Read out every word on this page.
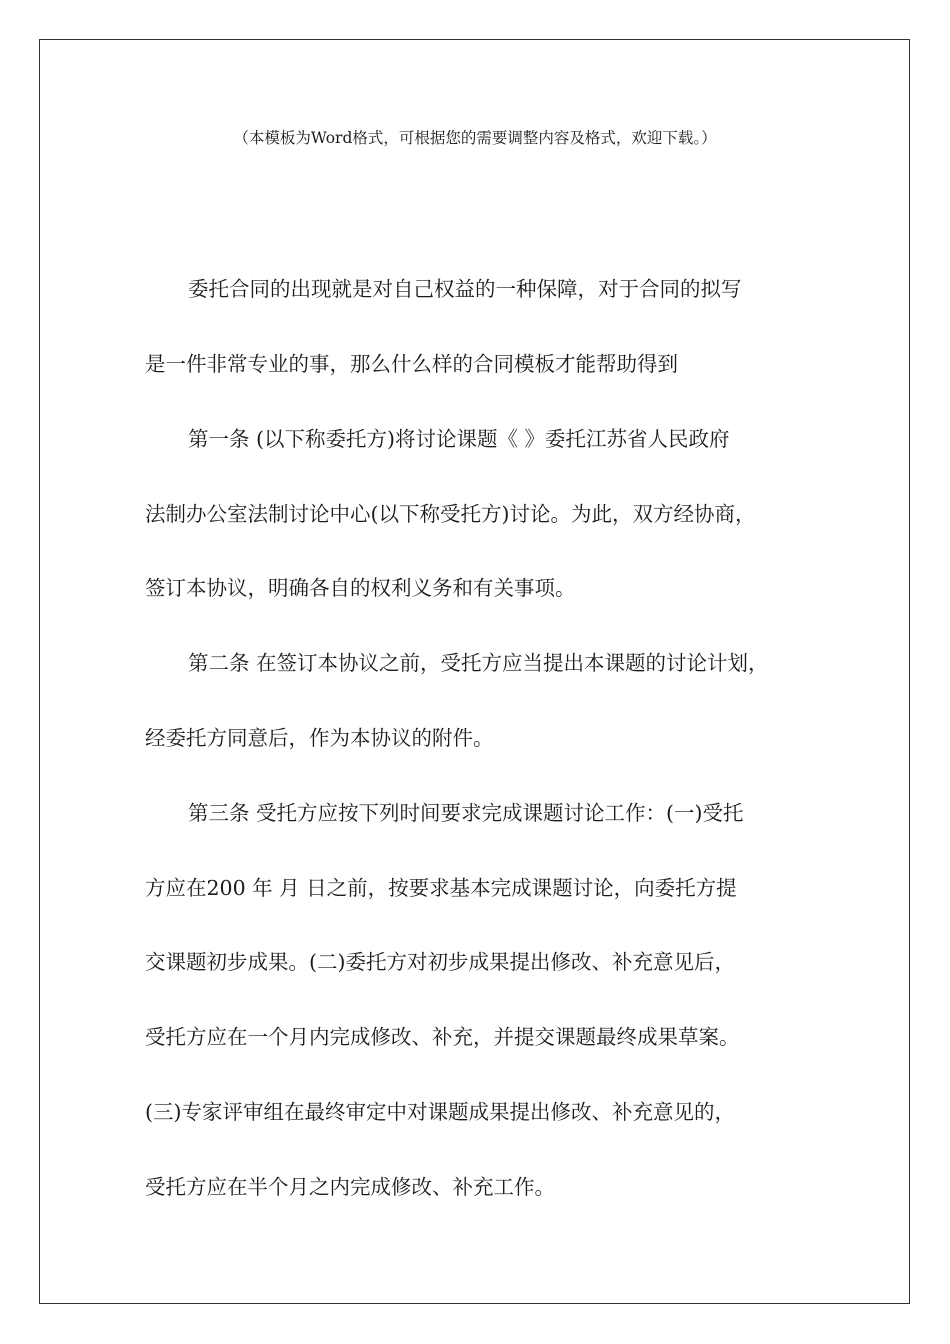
（本模板为Word格式，可根据您的需要调整内容及格式，欢迎下载。）
委托合同的出现就是对自己权益的一种保障，对于合同的拟写
是一件非常专业的事，那么什么样的合同模板才能帮助得到
第一条 (以下称委托方)将讨论课题《 》委托江苏省人民政府
法制办公室法制讨论中心(以下称受托方)讨论。为此，双方经协商，
签订本协议，明确各自的权利义务和有关事项。
第二条 在签订本协议之前，受托方应当提出本课题的讨论计划，
经委托方同意后，作为本协议的附件。
第三条 受托方应按下列时间要求完成课题讨论工作：(一)受托
方应在200 年 月 日之前，按要求基本完成课题讨论，向委托方提
交课题初步成果。(二)委托方对初步成果提出修改、补充意见后，
受托方应在一个月内完成修改、补充，并提交课题最终成果草案。
(三)专家评审组在最终审定中对课题成果提出修改、补充意见的，
受托方应在半个月之内完成修改、补充工作。
